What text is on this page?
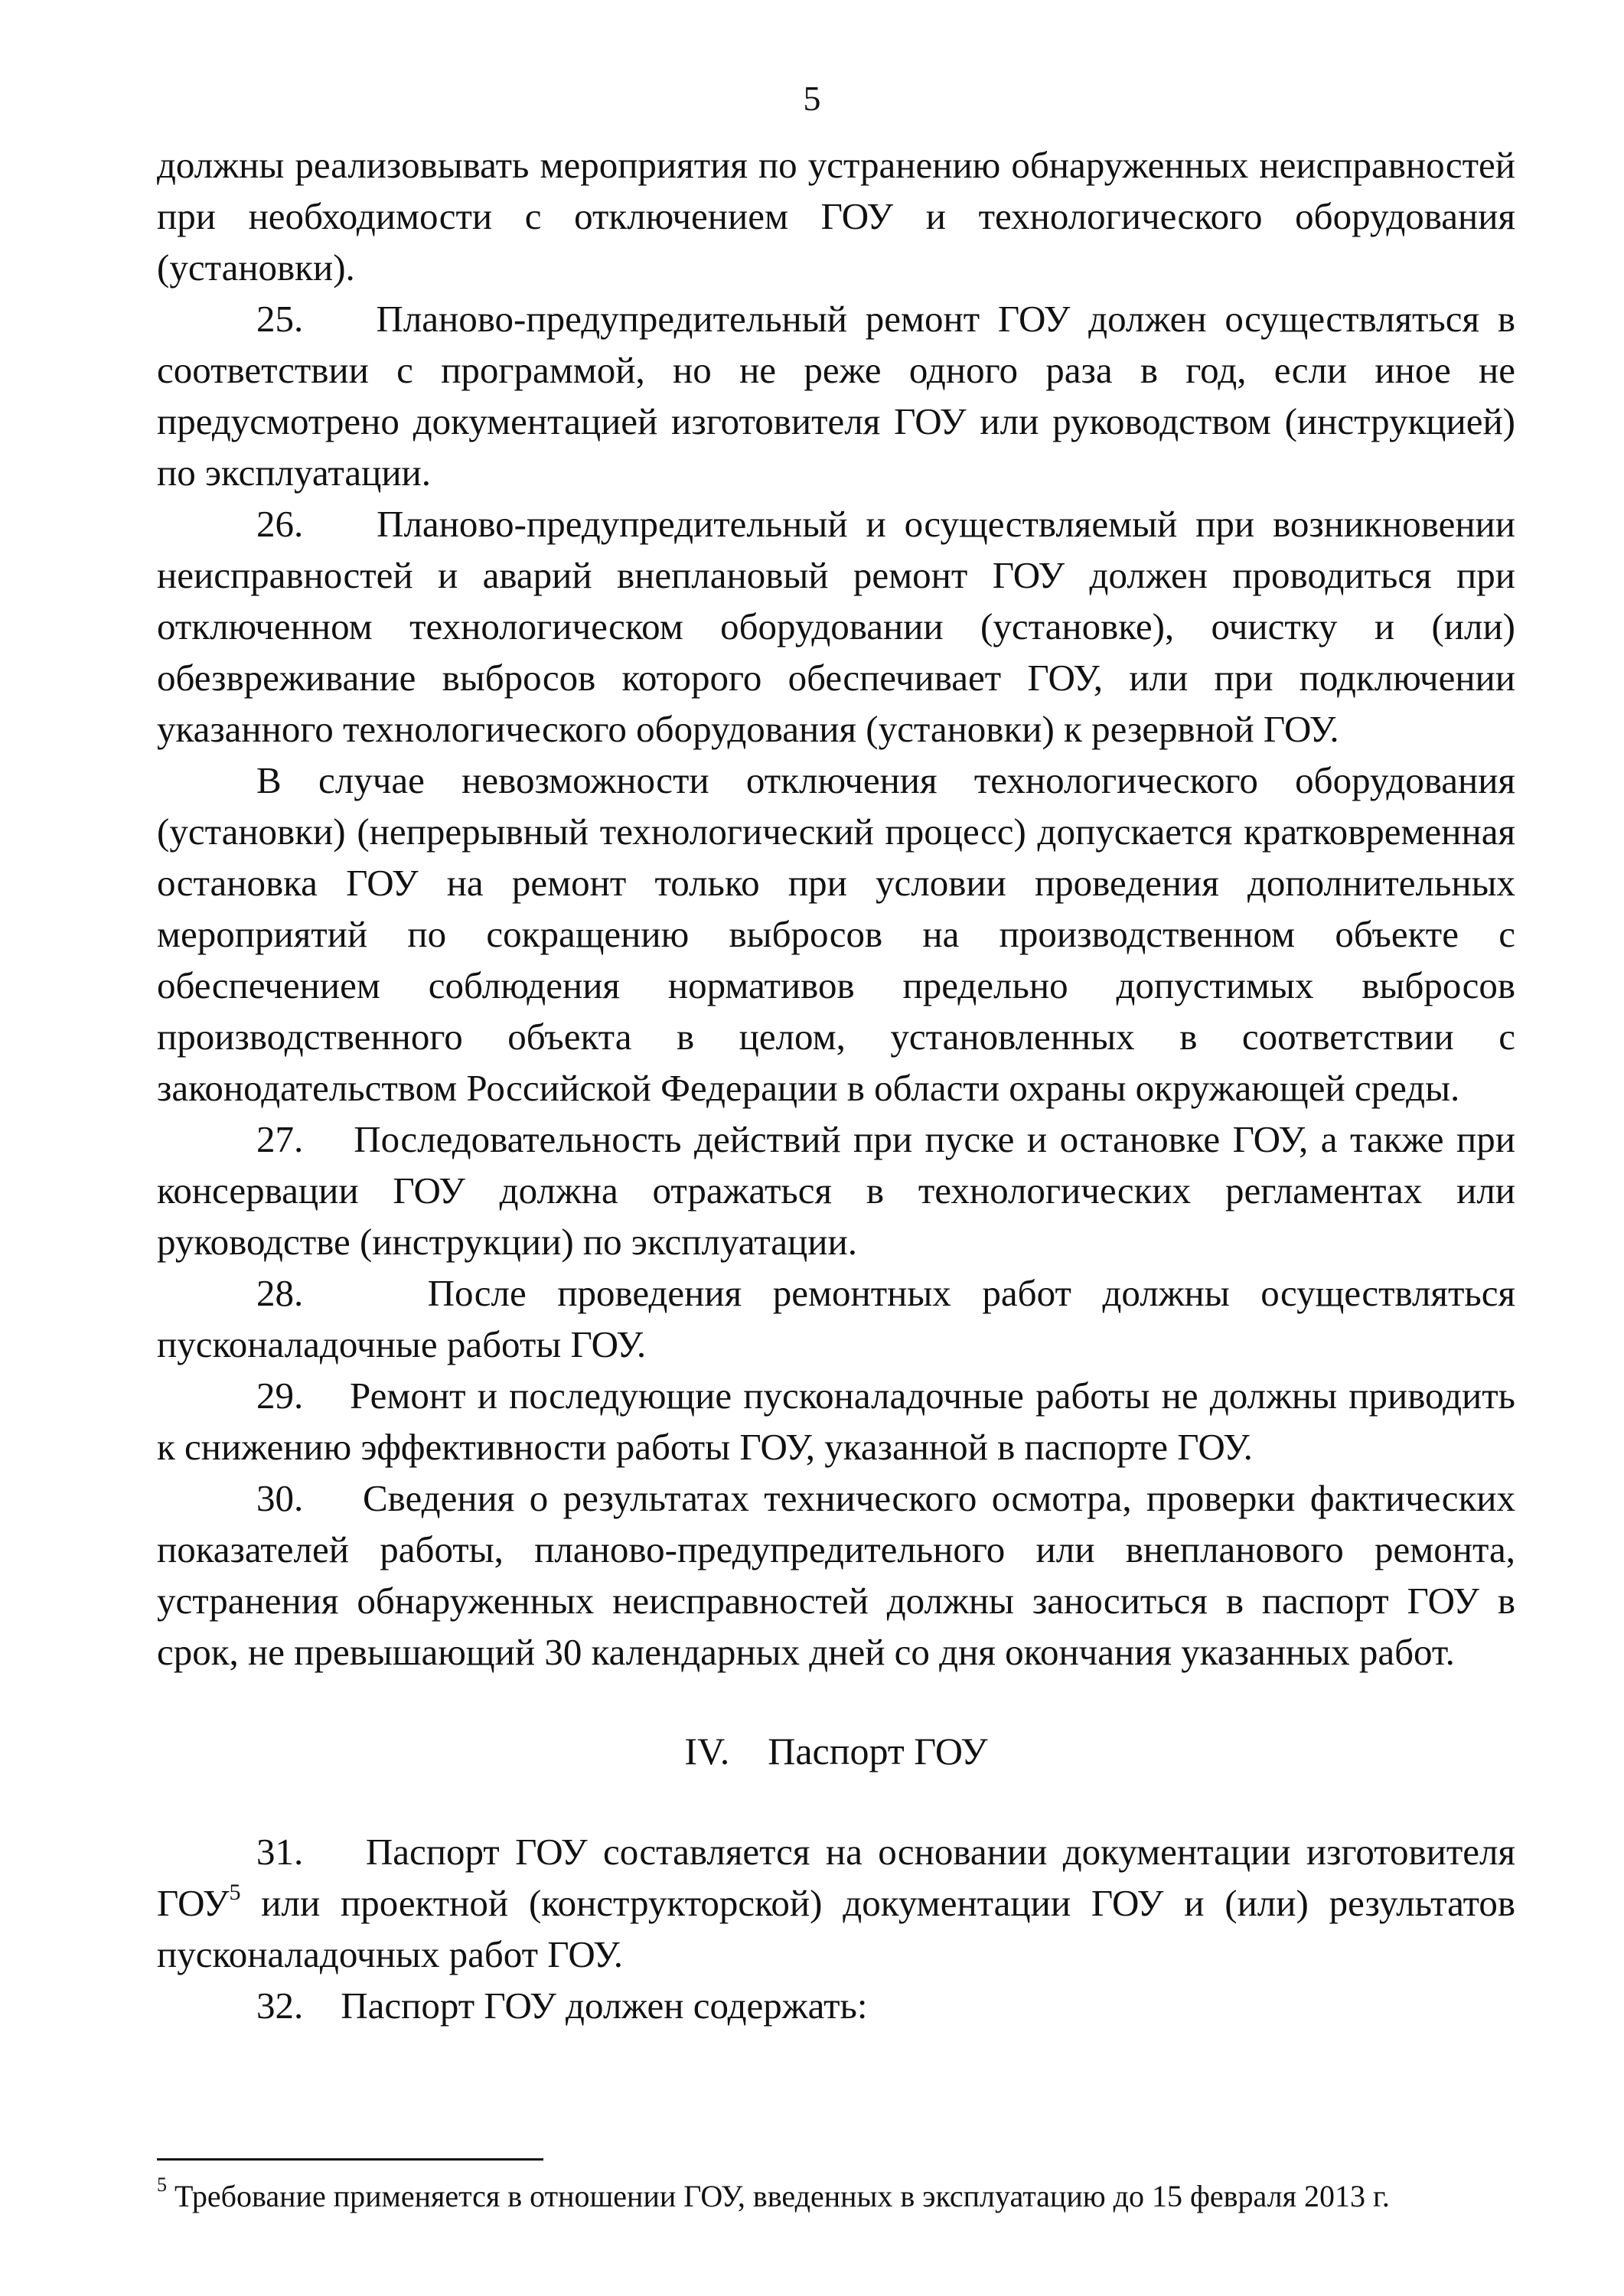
5

должны реализовывать мероприятия по устранению обнаруженных неисправностей при необходимости с отключением ГОУ и технологического оборудования (установки).

25. Планово-предупредительный ремонт ГОУ должен осуществляться в соответствии с программой, но не реже одного раза в год, если иное не предусмотрено документацией изготовителя ГОУ или руководством (инструкцией) по эксплуатации.

26. Планово-предупредительный и осуществляемый при возникновении неисправностей и аварий внеплановый ремонт ГОУ должен проводиться при отключенном технологическом оборудовании (установке), очистку и (или) обезвреживание выбросов которого обеспечивает ГОУ, или при подключении указанного технологического оборудования (установки) к резервной ГОУ.

В случае невозможности отключения технологического оборудования (установки) (непрерывный технологический процесс) допускается кратковременная остановка ГОУ на ремонт только при условии проведения дополнительных мероприятий по сокращению выбросов на производственном объекте с обеспечением соблюдения нормативов предельно допустимых выбросов производственного объекта в целом, установленных в соответствии с законодательством Российской Федерации в области охраны окружающей среды.

27. Последовательность действий при пуске и остановке ГОУ, а также при консервации ГОУ должна отражаться в технологических регламентах или руководстве (инструкции) по эксплуатации.

28.	После проведения ремонтных работ должны осуществляться пусконаладочные работы ГОУ.

29. Ремонт и последующие пусконаладочные работы не должны приводить к снижению эффективности работы ГОУ, указанной в паспорте ГОУ.

30. Сведения о результатах технического осмотра, проверки фактических показателей работы, планово-предупредительного или внепланового ремонта, устранения обнаруженных неисправностей должны заноситься в паспорт ГОУ в срок, не превышающий 30 календарных дней со дня окончания указанных работ.

IV. Паспорт ГОУ

31. Паспорт ГОУ составляется на основании документации изготовителя ГОУ$^5$ или проектной (конструкторской) документации ГОУ и (или) результатов пусконаладочных работ ГОУ.

32. Паспорт ГОУ должен содержать:

$^5$ Требование применяется в отношении ГОУ, введенных в эксплуатацию до 15 февраля 2013 г.
